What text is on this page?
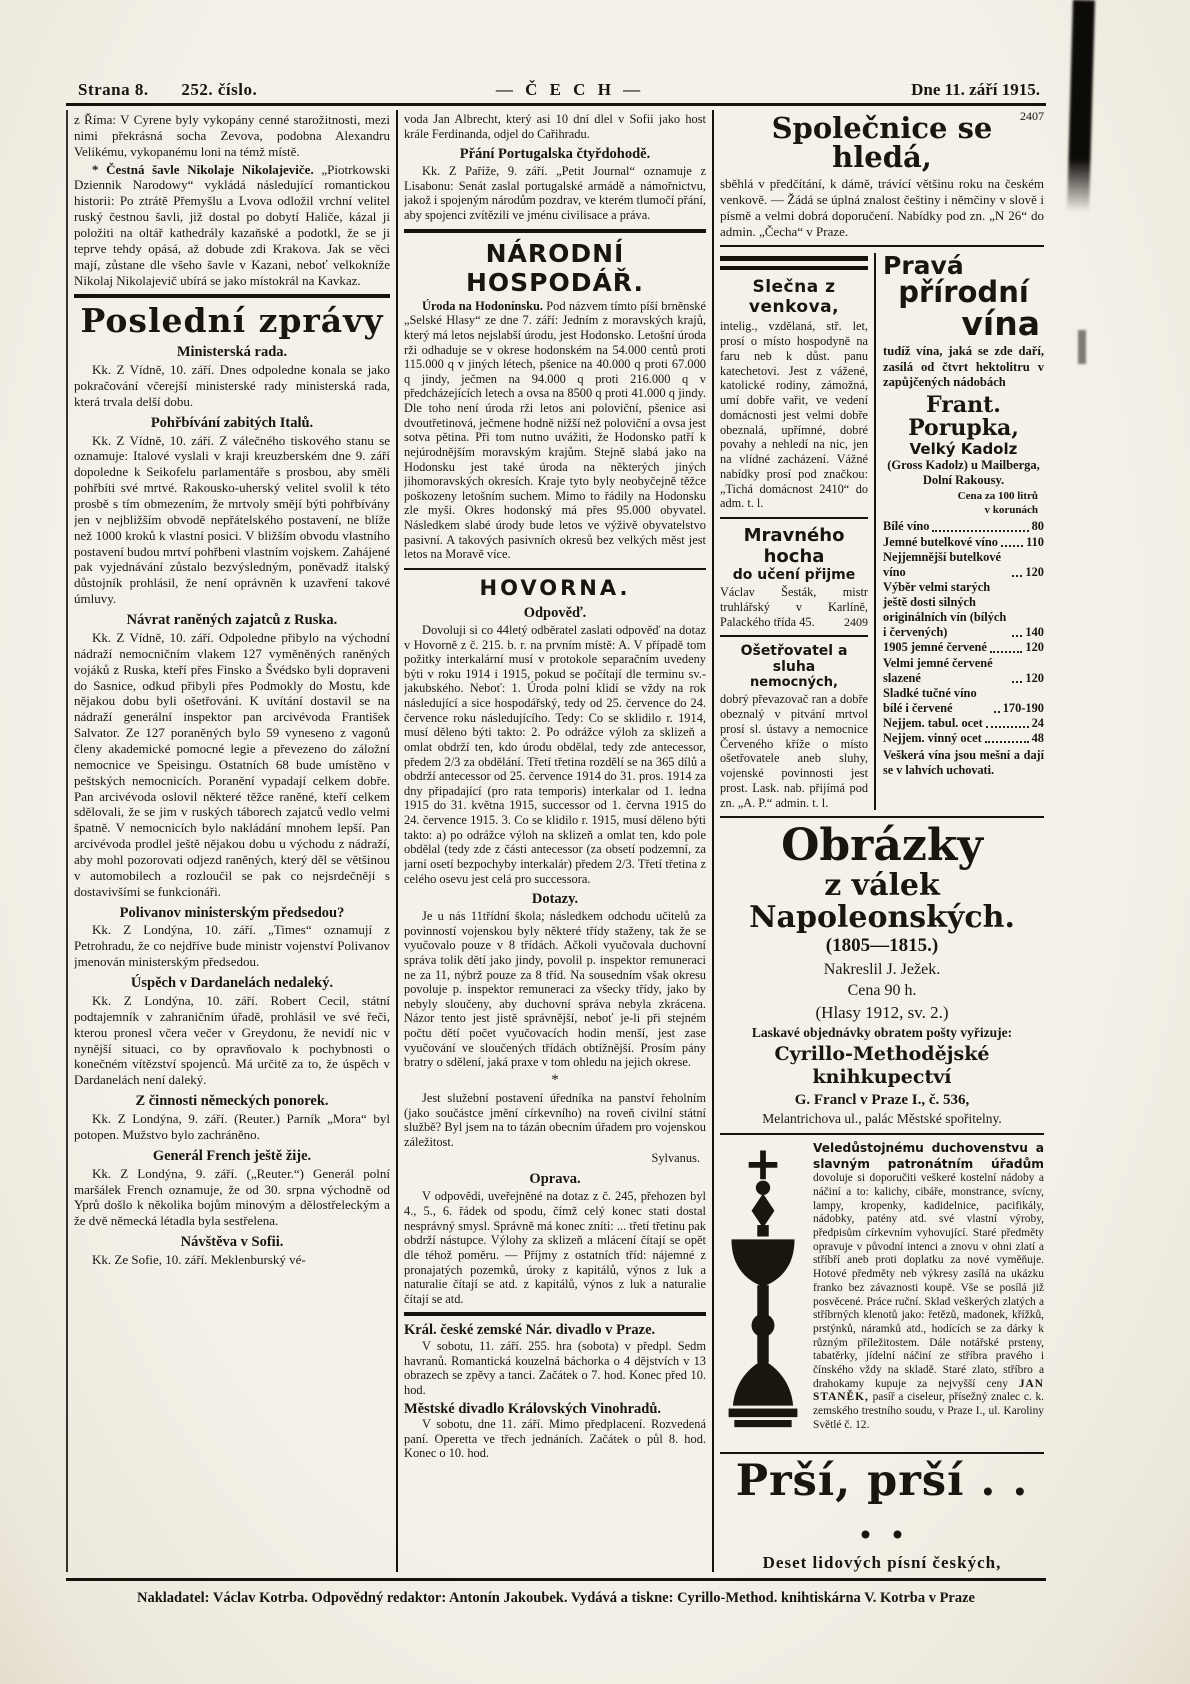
Strana 8. 252. číslo.	— Č E C H —	Dne 11. září 1915.

z Říma: V Cyrene byly vykopány cenné starožitnosti, mezi nimi překrásná socha Zevova, podobna Alexandru Velikému, vykopanému loni na témž místě.

* Čestná šavle Nikolaje Nikolajeviče. „Piotrkowski Dziennik Narodowy“ vykládá následující romantickou historii: Po ztrátě Přemyšlu a Lvova odložil vrchní velitel ruský čestnou šavli, již dostal po dobytí Haliče, kázal ji položiti na oltář kathedrály kazaňské a podotkl, že se ji teprve tehdy opásá, až dobude zdi Krakova. Jak se věci mají, zůstane dle všeho šavle v Kazani, neboť velkokníže Nikolaj Nikolajevič ubírá se jako místokrál na Kavkaz.

Poslední zprávy
Ministerská rada.

Kk. Z Vídně, 10. září. Dnes odpoledne konala se jako pokračování včerejší ministerské rady ministerská rada, která trvala delší dobu.

Pohřbívání zabitých Italů.

Kk. Z Vídně, 10. září. Z válečného tiskového stanu se oznamuje: Italové vyslali v kraji kreuzberském dne 9. září dopoledne k Seikofelu parlamentáře s prosbou, aby směli pohřbíti své mrtvé. Rakousko-uherský velitel svolil k této prosbě s tím obmezením, že mrtvoly smějí býti pohřbívány jen v nejbližším obvodě nepřátelského postavení, ne blíže než 1000 kroků k vlastní posici. V bližším obvodu vlastního postavení budou mrtví pohřbeni vlastním vojskem. Zahájené pak vyjednávání zůstalo bezvýsledným, poněvadž italský důstojník prohlásil, že není oprávněn k uzavření takové úmluvy.

Návrat raněných zajatců z Ruska.

Kk. Z Vídně, 10. září. Odpoledne přibylo na východní nádraží nemocničním vlakem 127 vyměněných raněných vojáků z Ruska, kteří přes Finsko a Švédsko byli dopraveni do Sasnice, odkud přibyli přes Podmokly do Mostu, kde nějakou dobu byli ošetřováni. K uvítání dostavil se na nádraží generální inspektor pan arcivévoda František Salvator. Ze 127 poraněných bylo 59 vyneseno z vagonů členy akademické pomocné legie a převezeno do záložní nemocnice ve Speisingu. Ostatních 68 bude umístěno v peštských nemocnicích. Poranění vypadají celkem dobře. Pan arcivévoda oslovil některé těžce raněné, kteří celkem sdělovali, že se jim v ruských táborech zajatců vedlo velmi špatně. V nemocnicích bylo nakládání mnohem lepší. Pan arcivévoda prodlel ještě nějakou dobu u východu z nádraží, aby mohl pozorovati odjezd raněných, který děl se většinou v automobilech a rozloučil se pak co nejsrdečněji s dostavivšími se funkcionáři.

Polivanov ministerským předsedou?

Kk. Z Londýna, 10. září. „Times“ oznamují z Petrohradu, že co nejdříve bude ministr vojenství Polivanov jmenován ministerským předsedou.

Úspěch v Dardanelách nedaleký.

Kk. Z Londýna, 10. září. Robert Cecil, státní podtajemník v zahraničním úřadě, prohlásil ve své řeči, kterou pronesl včera večer v Greydonu, že nevidí nic v nynější situaci, co by opravňovalo k pochybnosti o konečném vítězství spojenců. Má určitě za to, že úspěch v Dardanelách není daleký.

Z činnosti německých ponorek.

Kk. Z Londýna, 9. září. (Reuter.) Parník „Mora“ byl potopen. Mužstvo bylo zachráněno.

Generál French ještě žije.

Kk. Z Londýna, 9. září. („Reuter.“) Generál polní maršálek French oznamuje, že od 30. srpna východně od Yprů došlo k několika bojům minovým a dělostřeleckým a že dvě německá létadla byla sestřelena.

Návštěva v Sofii.

Kk. Ze Sofie, 10. září. Meklenburský vé-

voda Jan Albrecht, který asi 10 dní dlel v Sofii jako host krále Ferdinanda, odjel do Cařihradu.

Přání Portugalska čtyřdohodě.

Kk. Z Paříže, 9. září. „Petit Journal“ oznamuje z Lisabonu: Senát zaslal portugalské armádě a námořnictvu, jakož i spojeným národům pozdrav, ve kterém tlumočí přání, aby spojenci zvítězili ve jménu civilisace a práva.

NÁRODNÍ HOSPODÁŘ.

Úroda na Hodonínsku. Pod názvem tímto píší brněnské „Selské Hlasy“ ze dne 7. září: Jedním z moravských krajů, který má letos nejslabší úrodu, jest Hodonsko. Letošní úroda rži odhaduje se v okrese hodonském na 54.000 centů proti 115.000 q v jiných létech, pšenice na 40.000 q proti 67.000 q jindy, ječmen na 94.000 q proti 216.000 q v předcházejících letech a ovsa na 8500 q proti 41.000 q jindy. Dle toho není úroda rži letos ani poloviční, pšenice asi dvoutřetinová, ječmene hodně nižší než poloviční a ovsa jest sotva pětina. Při tom nutno uvážiti, že Hodonsko patří k nejúrodnějším moravským krajům. Stejně slabá jako na Hodonsku jest také úroda na některých jiných jihomoravských okresích. Kraje tyto byly neobyčejně těžce poškozeny letošním suchem. Mimo to řádily na Hodonsku zle myši. Okres hodonský má přes 95.000 obyvatel. Následkem slabé úrody bude letos ve výživě obyvatelstvo pasivní. A takových pasivních okresů bez velkých měst jest letos na Moravě více.

HOVORNA.
Odpověď.

Dovoluji si co 44letý odběratel zaslati odpověď na dotaz v Hovorně z č. 215. b. r. na prvním místě: A. V případě tom požitky interkalární musí v protokole separačním uvedeny býti v roku 1914 i 1915, pokud se počítají dle terminu sv.-jakubského. Neboť: 1. Úroda polní klidí se vždy na rok následující a sice hospodářský, tedy od 25. července do 24. července roku následujícího. Tedy: Co se sklidilo r. 1914, musí děleno býti takto: 2. Po odrážce výloh za sklizeň a omlat obdrží ten, kdo úrodu obdělal, tedy zde antecessor, předem 2/3 za obdělání. Třetí třetina rozdělí se na 365 dílů a obdrží antecessor od 25. července 1914 do 31. pros. 1914 za dny připadající (pro rata temporis) interkalar od 1. ledna 1915 do 31. května 1915, successor od 1. června 1915 do 24. července 1915. 3. Co se klidilo r. 1915, musí děleno býti takto: a) po odrážce výloh na sklizeň a omlat ten, kdo pole obdělal (tedy zde z části antecessor (za obsetí podzemní, za jarní osetí bezpochyby interkalár) předem 2/3. Třetí třetina z celého osevu jest celá pro successora.

Dotazy.

Je u nás 11třídní škola; následkem odchodu učitelů za povinností vojenskou byly některé třídy staženy, tak že se vyučovalo pouze v 8 třídách. Ačkoli vyučovala duchovní správa tolik dětí jako jindy, povolil p. inspektor remuneraci ne za 11, nýbrž pouze za 8 tříd. Na sousedním však okresu povoluje p. inspektor remuneraci za všecky třídy, jako by nebyly sloučeny, aby duchovní správa nebyla zkrácena. Názor tento jest jistě správnější, neboť je-li při stejném počtu dětí počet vyučovacích hodin menší, jest zase vyučování ve sloučených třídách obtížnější. Prosím pány bratry o sdělení, jaká praxe v tom ohledu na jejich okrese.

*

Jest služební postavení úředníka na panství řeholním (jako součástce jmění církevního) na roveň civilní státní službě? Byl jsem na to tázán obecním úřadem pro vojenskou záležitost.

Sylvanus.

Oprava.

V odpovědi, uveřejněné na dotaz z č. 245, přehozen byl 4., 5., 6. řádek od spodu, čímž celý konec stati dostal nesprávný smysl. Správně má konec zníti: ... třetí třetinu pak obdrží nástupce. Výlohy za sklizeň a mlácení čítají se opět dle téhož poměru. — Příjmy z ostatních tříd: nájemné z pronajatých pozemků, úroky z kapitálů, výnos z luk a naturalie čítají se atd. z kapitálů, výnos z luk a naturalie čítají se atd.

Král. české zemské Nár. divadlo v Praze.

V sobotu, 11. září. 255. hra (sobota) v předpl. Sedm havranů. Romantická kouzelná báchorka o 4 dějstvích v 13 obrazech se zpěvy a tanci. Začátek o 7. hod. Konec před 10. hod.

Městské divadlo Královských Vinohradů.

V sobotu, dne 11. září. Mimo předplacení. Rozvedená paní. Operetta ve třech jednáních. Začátek o půl 8. hod. Konec o 10. hod.

Společnice se hledá,
2407

sběhlá v předčítání, k dámě, trávící většinu roku na českém venkově. — Žádá se úplná znalost češtiny i němčiny v slově i písmě a velmi dobrá doporučení. Nabídky pod zn. „N 26“ do admin. „Čecha“ v Praze.

Slečna z venkova,

intelig., vzdělaná, stř. let, prosí o místo hospodyně na faru neb k důst. panu katechetovi. Jest z vážené, katolické rodiny, zámožná, umí dobře vařit, ve vedení domácnosti jest velmi dobře obeznalá, upřímné, dobré povahy a nehledí na nic, jen na vlídné zacházení. Vážné nabídky prosí pod značkou: „Tichá domácnost 2410“ do adm. t. l.

Mravného hocha
do učení přijme

Václav Šesták, mistr truhlářský v Karlíně, Palackého třída 45. 2409

Ošetřovatel a sluha
nemocných,

dobrý převazovač ran a dobře obeznalý v pitvání mrtvol prosí sl. ústavy a nemocnice Červeného kříže o místo ošetřovatele aneb sluhy, vojenské povinnosti jest prost. Lask. nab. přijímá pod zn. „A. P.“ admin. t. l.

Pravá
přírodní
vína

tudíž vína, jaká se zde daří, zasílá od čtvrt hektolitru v zapůjčených nádobách

Frant. Porupka,

Velký Kadolz

(Gross Kadolz) u Mailberga,

Dolní Rakousy.

Cena za 100 litrů
v korunách

Bílé víno	80
Jemné butelkové víno 110
Nejjemnější butelkové víno	120
Výběr velmi starých ještě dosti silných originálních vín (bílých i červených)	140
1905 jemné červené	120
Velmi jemné červené slazené	120
Sladké tučné víno bílé i červené	170-190
Nejjem. tabul. ocet	24
Nejjem. vinný ocet	48

Veškerá vína jsou mešní a dají se v lahvích uchovati.

Obrázky
z válek Napoleonských.

(1805—1815.)

Nakreslil J. Ježek.

Cena 90 h.

(Hlasy 1912, sv. 2.)

Laskavé objednávky obratem pošty vyřizuje:

Cyrillo-Methodějské knihkupectví

G. Francl v Praze I., č. 536,

Melantrichova ul., palác Městské spořitelny.

Veledůstojnému duchovenstvu a slavným patronátním úřadům dovoluje si doporučiti veškeré kostelní nádoby a náčiní a to: kalichy, cibáře, monstrance, svícny, lampy, kropenky, kadidelnice, pacifikály, nádobky, patény atd. své vlastní výroby, předpisům církevním vyhovující. Staré předměty opravuje v původní intenci a znovu v ohni zlatí a stříbří aneb proti doplatku za nové vyměňuje. Hotové předměty neb výkresy zasílá na ukázku franko bez závaznosti koupě. Vše se posílá již posvěcené. Práce ruční. Sklad veškerých zlatých a stříbrných klenotů jako: řetězů, madonek, křížků, prstýnků, náramků atd., hodících se za dárky k různým příležitostem. Dále notářské prsteny, tabatěrky, jídelní náčiní ze stříbra pravého i čínského vždy na skladě. Staré zlato, stříbro a drahokamy kupuje za nejvyšší ceny JAN STANĚK, pasíř a ciseleur, přísežný znalec c. k. zemského trestního soudu, v Praze I., ul. Karoliny Světlé č. 12.
Prší, prší . . . .

Deset lidových písní českých,

Nakladatel: Václav Kotrba. Odpovědný redaktor: Antonín Jakoubek. Vydává a tiskne: Cyrillo-Method. knihtiskárna V. Kotrba v Praze
